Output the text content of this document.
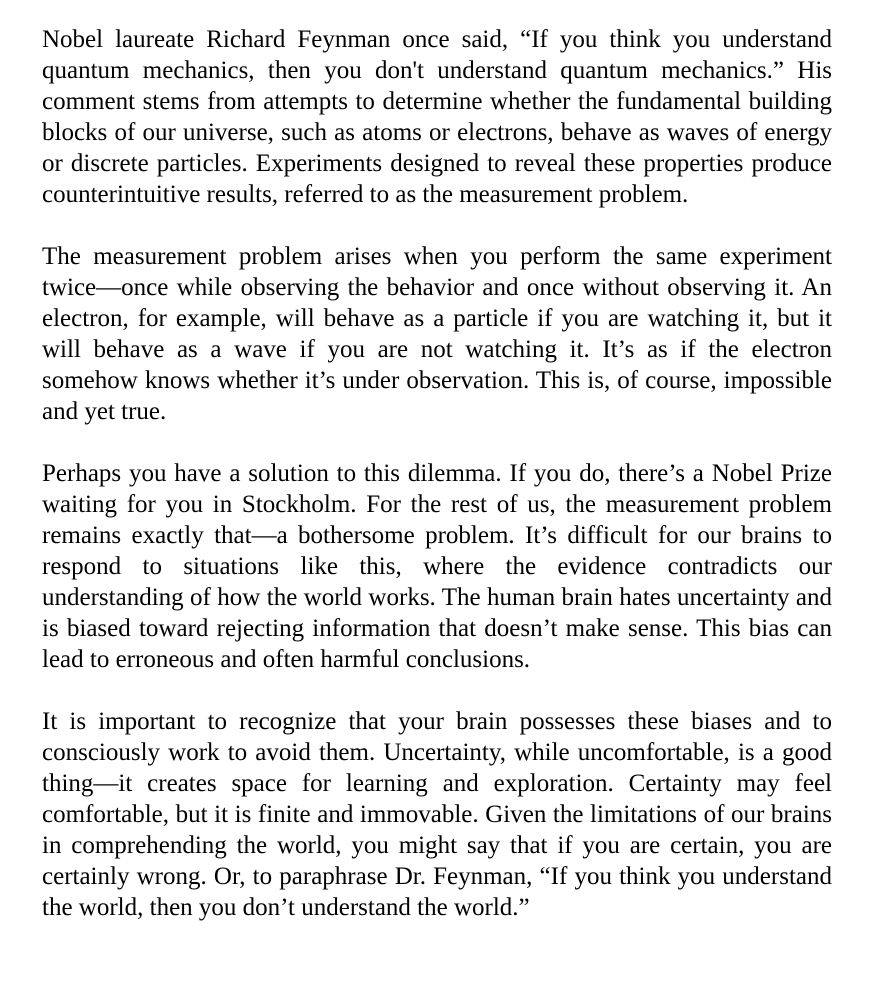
Nobel laureate Richard Feynman once said, “If you think you understand quantum mechanics, then you don't understand quantum mechanics.” His comment stems from attempts to determine whether the fundamental building blocks of our universe, such as atoms or electrons, behave as waves of energy or discrete particles. Experiments designed to reveal these properties produce counterintuitive results, referred to as the measurement problem.

The measurement problem arises when you perform the same experiment twice—once while observing the behavior and once without observing it. An electron, for example, will behave as a particle if you are watching it, but it will behave as a wave if you are not watching it. It’s as if the electron somehow knows whether it’s under observation. This is, of course, impossible and yet true.

Perhaps you have a solution to this dilemma. If you do, there’s a Nobel Prize waiting for you in Stockholm. For the rest of us, the measurement problem remains exactly that—a bothersome problem. It’s difficult for our brains to respond to situations like this, where the evidence contradicts our understanding of how the world works. The human brain hates uncertainty and is biased toward rejecting information that doesn’t make sense. This bias can lead to erroneous and often harmful conclusions.

It is important to recognize that your brain possesses these biases and to consciously work to avoid them. Uncertainty, while uncomfortable, is a good thing—it creates space for learning and exploration. Certainty may feel comfortable, but it is finite and immovable. Given the limitations of our brains in comprehending the world, you might say that if you are certain, you are certainly wrong. Or, to paraphrase Dr. Feynman, “If you think you understand the world, then you don’t understand the world.”
